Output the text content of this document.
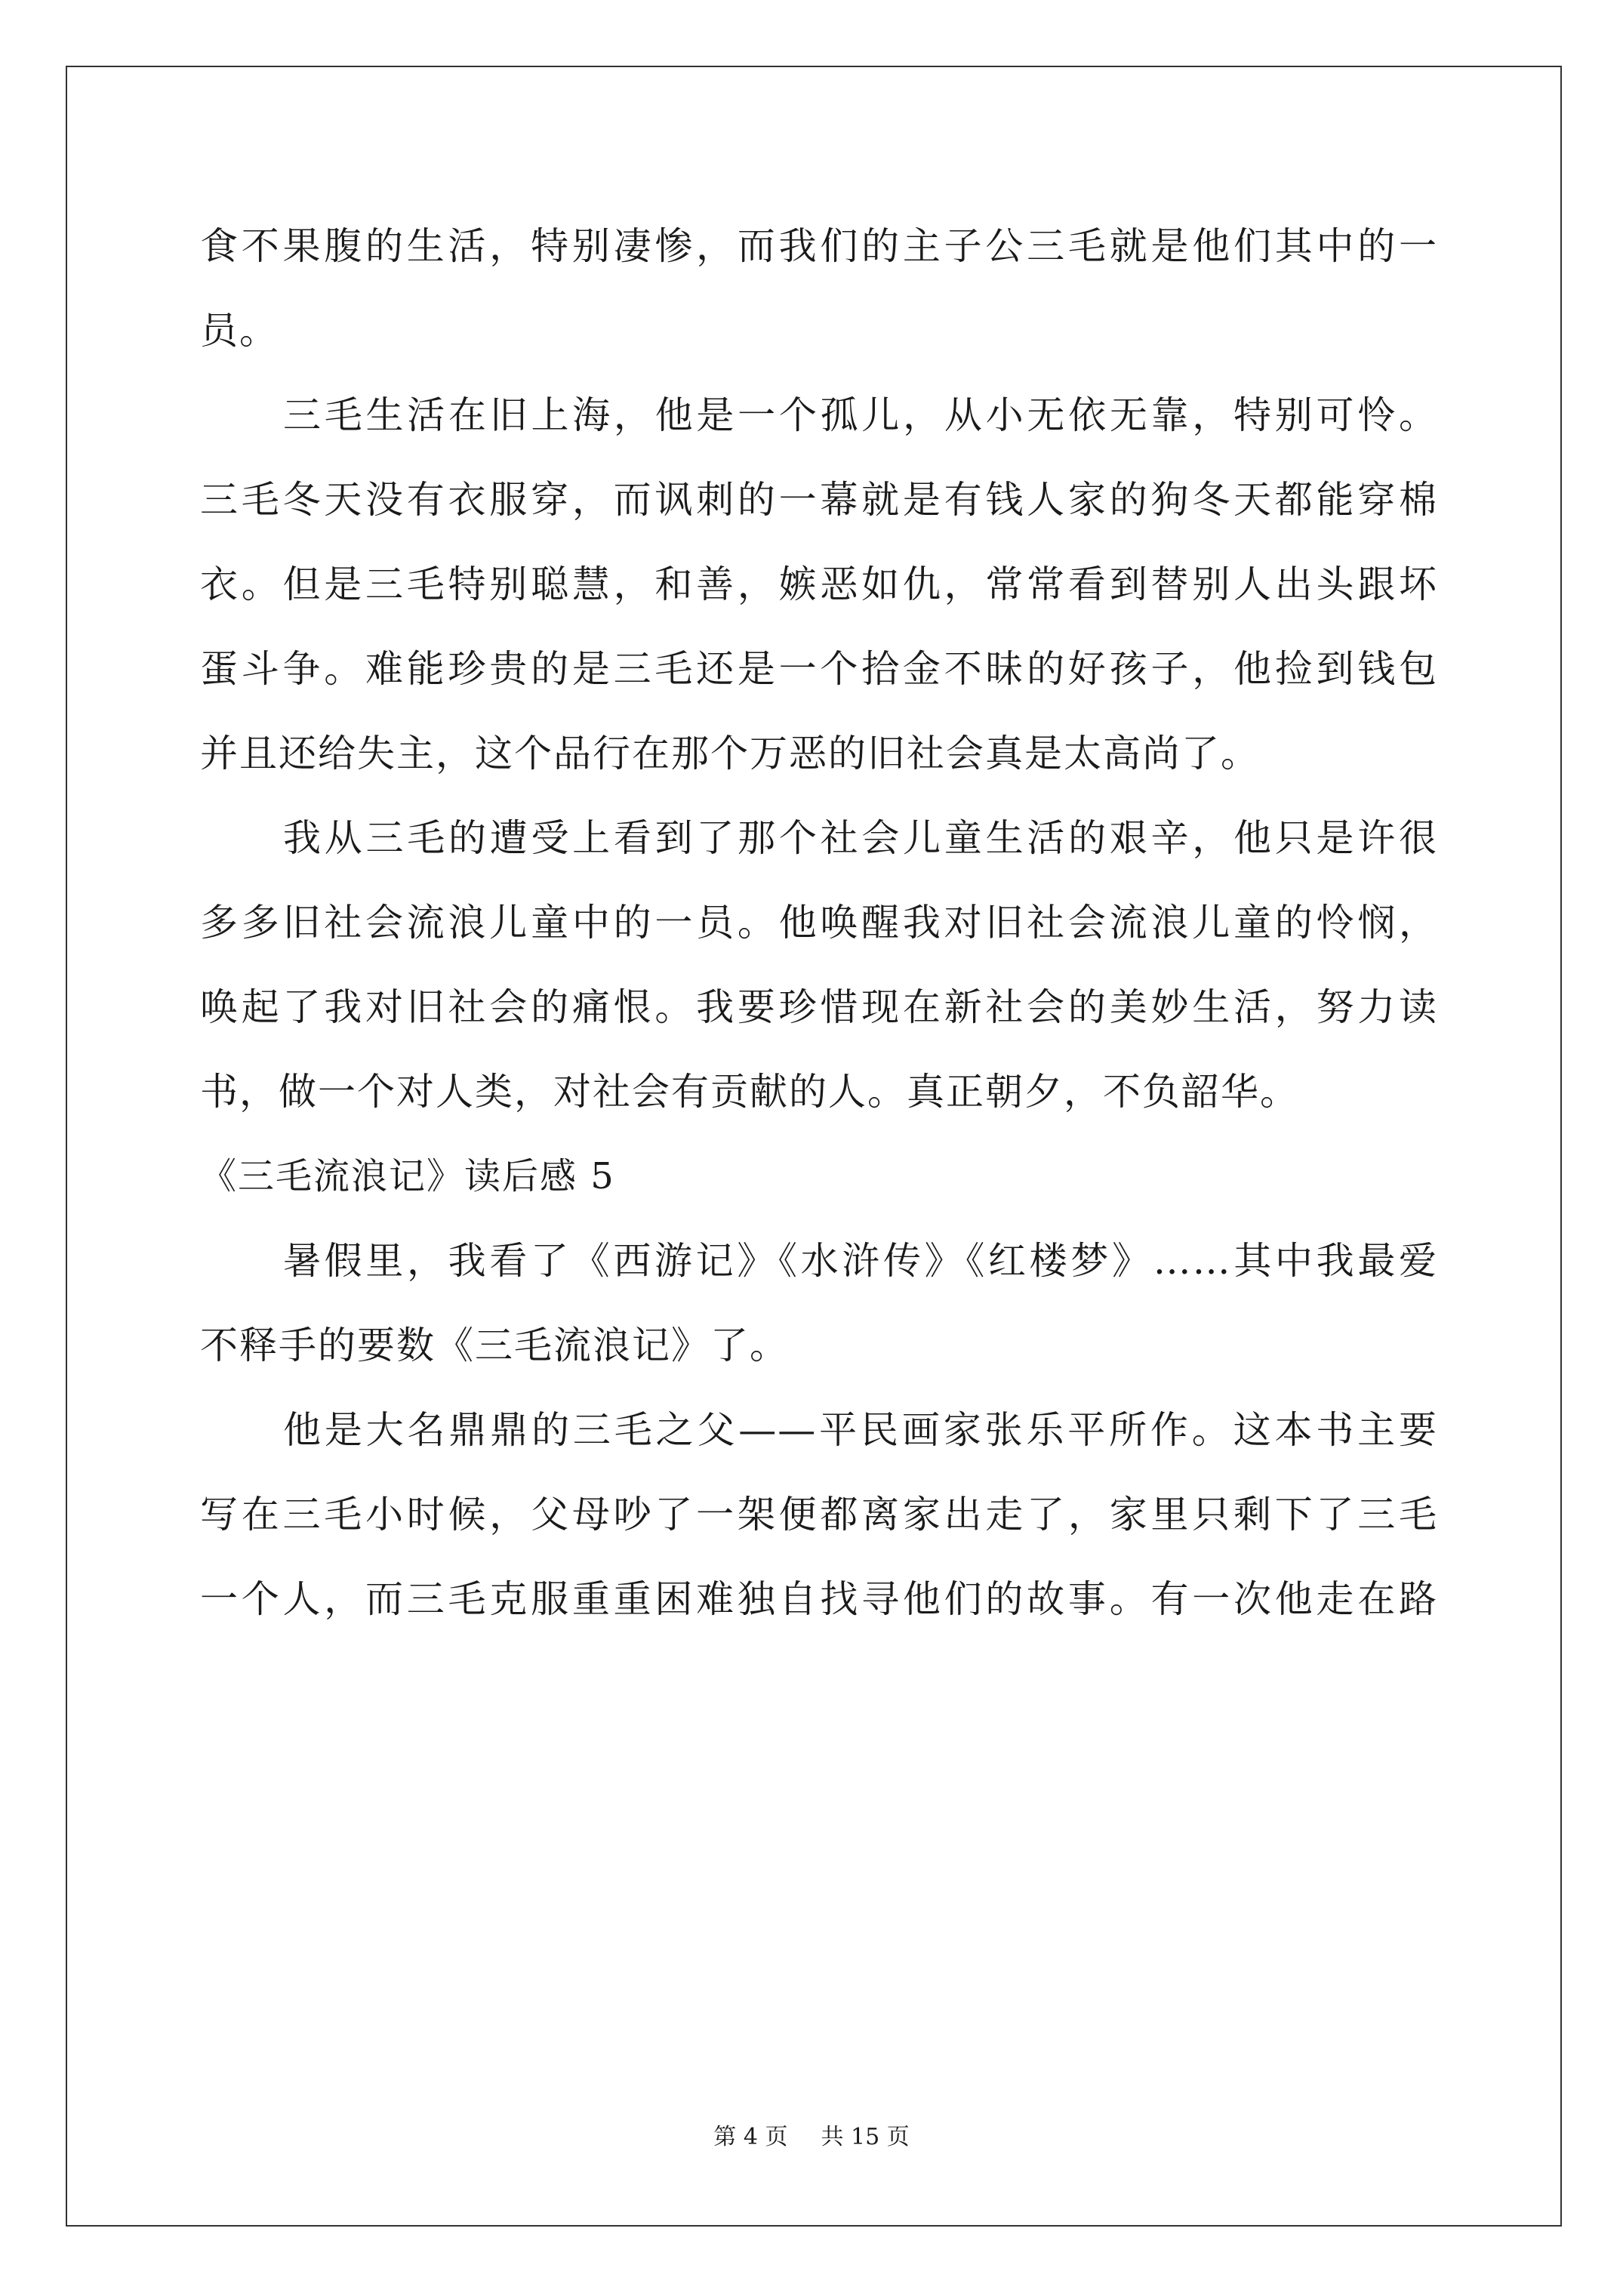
食不果腹的生活，特别凄惨，而我们的主子公三毛就是他们其中的一
员。
三毛生活在旧上海，他是一个孤儿，从小无依无靠，特别可怜。
三毛冬天没有衣服穿，而讽刺的一幕就是有钱人家的狗冬天都能穿棉
衣。但是三毛特别聪慧，和善，嫉恶如仇，常常看到替别人出头跟坏
蛋斗争。难能珍贵的是三毛还是一个拾金不昧的好孩子，他捡到钱包
并且还给失主，这个品行在那个万恶的旧社会真是太高尚了。
我从三毛的遭受上看到了那个社会儿童生活的艰辛，他只是许很
多多旧社会流浪儿童中的一员。他唤醒我对旧社会流浪儿童的怜悯，
唤起了我对旧社会的痛恨。我要珍惜现在新社会的美妙生活，努力读
书，做一个对人类，对社会有贡献的人。真正朝夕，不负韶华。
《三毛流浪记》读后感 5
暑假里，我看了《西游记》《水浒传》《红楼梦》……其中我最爱
不释手的要数《三毛流浪记》了。
他是大名鼎鼎的三毛之父——平民画家张乐平所作。这本书主要
写在三毛小时候，父母吵了一架便都离家出走了，家里只剩下了三毛
一个人，而三毛克服重重困难独自找寻他们的故事。有一次他走在路
第 4 页 共 15 页
